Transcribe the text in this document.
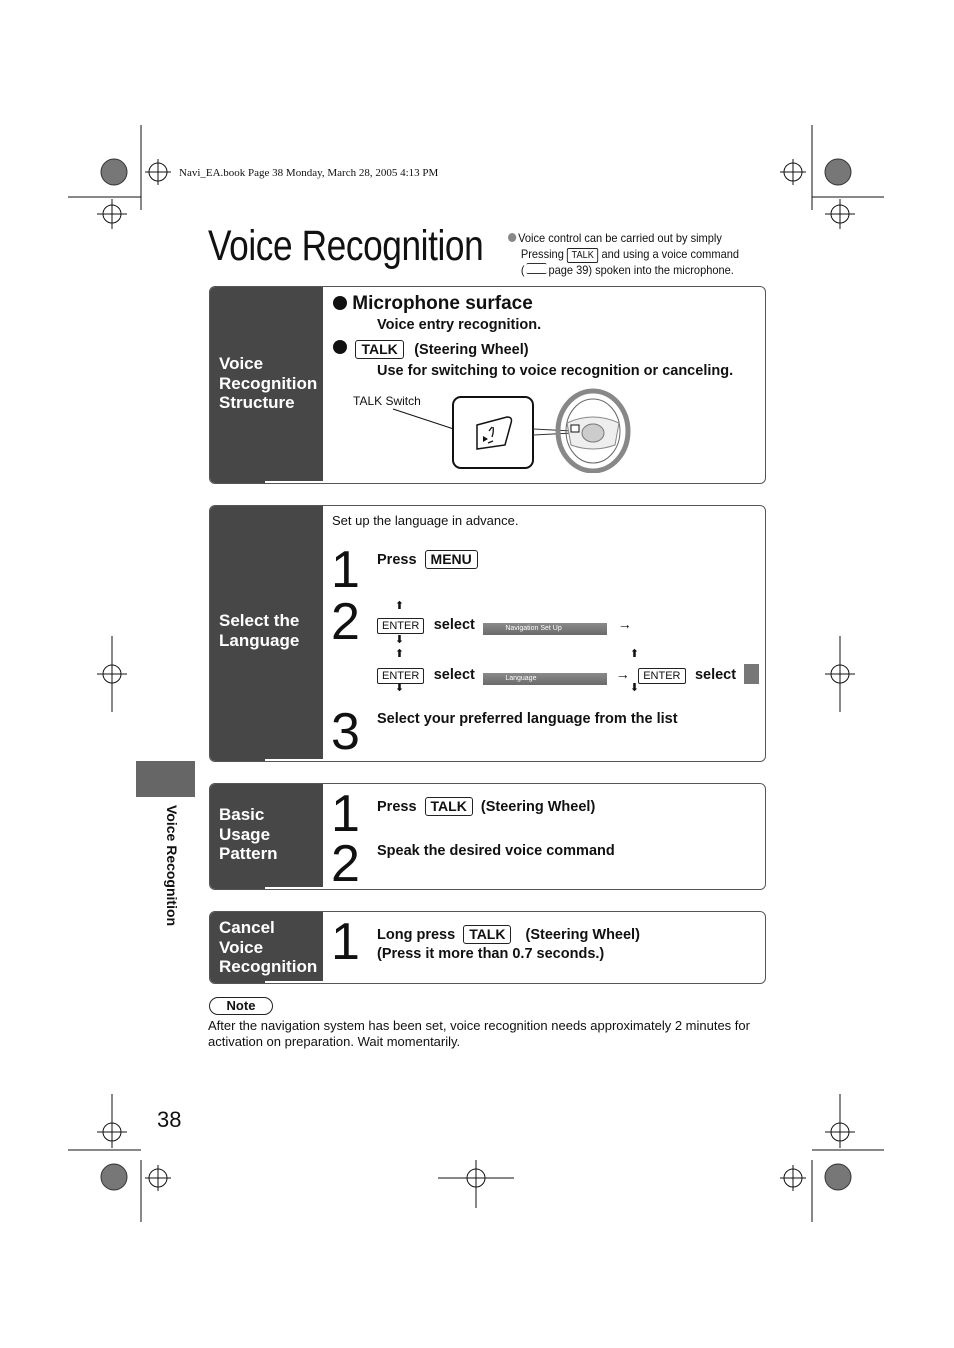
Navi_EA.book Page 38 Monday, March 28, 2005 4:13 PM
Voice Recognition	Voice control can be carried out by simply
Pressing TALK and using a voice command
( page 39) spoken into the microphone.
Voice
Recognition
Structure
Microphone surface
Voice entry recognition.
TALK (Steering Wheel)
Use for switching to voice recognition or canceling.
TALK Switch
Select the
Language
Set up the language in advance.
1 Press MENU
2	⬆
ENTER select	Navigation Set Up	→
⬇
⬆
ENTER select	Language	→ ENTER select
⬇
⬆
⬇
3 Select your preferred language from the list
Basic
Usage
Pattern
1 Press TALK (Steering Wheel)
2 Speak the desired voice command
Cancel
Voice
Recognition 1 Long press TALK (Steering Wheel)
(Press it more than 0.7 seconds.)
Note
After the navigation system has been set, voice recognition needs approximately 2 minutes for activation on preparation. Wait momentarily.
Voice Recognition
38
